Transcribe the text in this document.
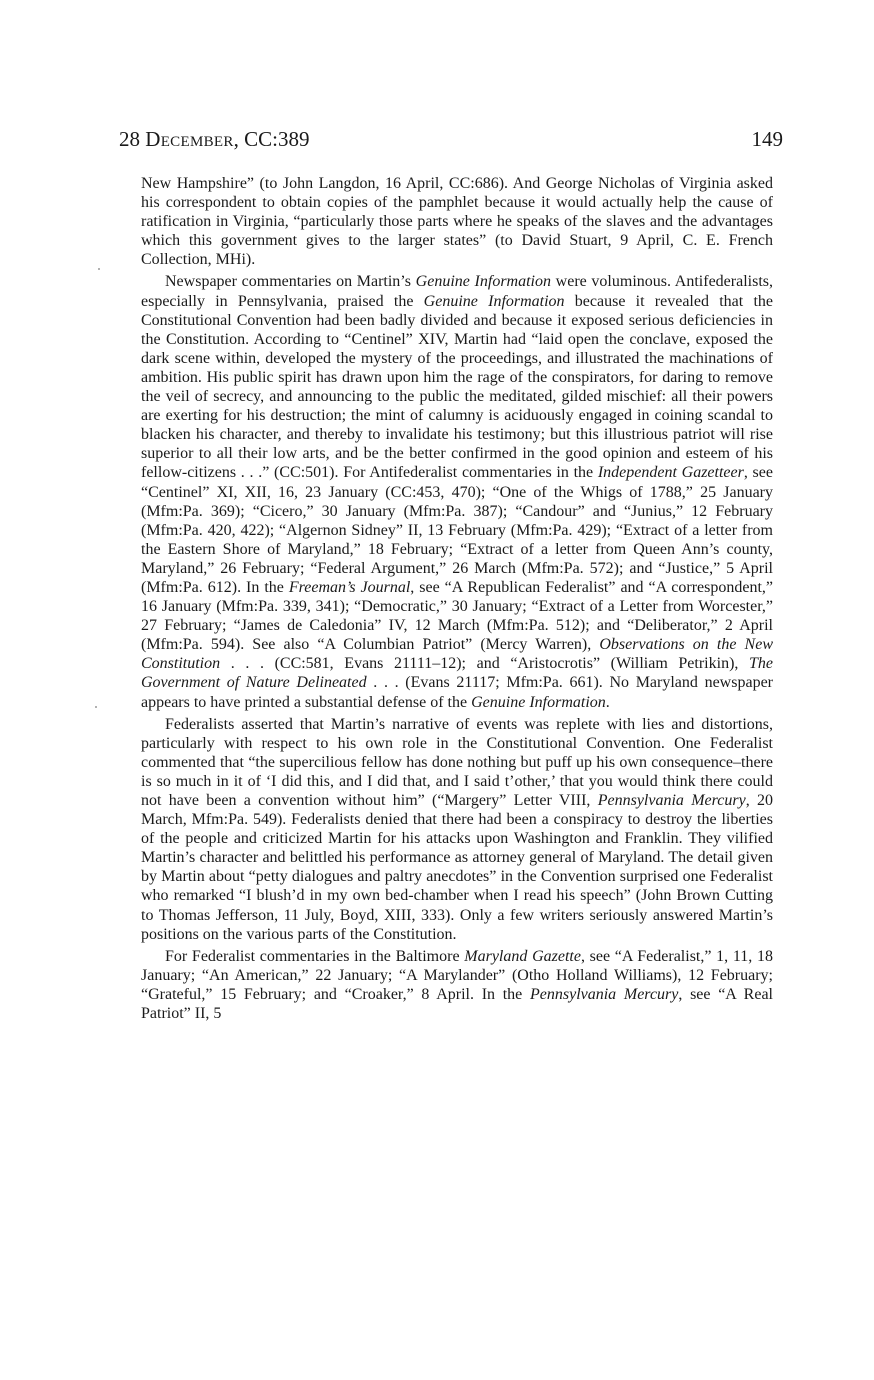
28 December, CC:389	149

New Hampshire” (to John Langdon, 16 April, CC:686). And George Nicholas of Virginia asked his correspondent to obtain copies of the pamphlet because it would actually help the cause of ratification in Virginia, “particularly those parts where he speaks of the slaves and the advantages which this government gives to the larger states” (to David Stuart, 9 April, C. E. French Collection, MHi).

Newspaper commentaries on Martin’s Genuine Information were voluminous. Antifederalists, especially in Pennsylvania, praised the Genuine Information because it revealed that the Constitutional Convention had been badly divided and because it exposed serious deficiencies in the Constitution. According to “Centinel” XIV, Martin had “laid open the conclave, exposed the dark scene within, developed the mystery of the proceedings, and illustrated the machinations of ambition. His public spirit has drawn upon him the rage of the conspirators, for daring to remove the veil of secrecy, and announcing to the public the meditated, gilded mischief: all their powers are exerting for his destruction; the mint of calumny is aciduously engaged in coining scandal to blacken his character, and thereby to invalidate his testimony; but this illustrious patriot will rise superior to all their low arts, and be the better confirmed in the good opinion and esteem of his fellow-citizens . . .” (CC:501). For Antifederalist commentaries in the Independent Gazetteer, see “Centinel” XI, XII, 16, 23 January (CC:453, 470); “One of the Whigs of 1788,” 25 January (Mfm:Pa. 369); “Cicero,” 30 January (Mfm:Pa. 387); “Candour” and “Junius,” 12 February (Mfm:Pa. 420, 422); “Algernon Sidney” II, 13 February (Mfm:Pa. 429); “Extract of a letter from the Eastern Shore of Maryland,” 18 February; “Extract of a letter from Queen Ann’s county, Maryland,” 26 February; “Federal Argument,” 26 March (Mfm:Pa. 572); and “Justice,” 5 April (Mfm:Pa. 612). In the Freeman’s Journal, see “A Republican Federalist” and “A correspondent,” 16 January (Mfm:Pa. 339, 341); “Democratic,” 30 January; “Extract of a Letter from Worcester,” 27 February; “James de Caledonia” IV, 12 March (Mfm:Pa. 512); and “Deliberator,” 2 April (Mfm:Pa. 594). See also “A Columbian Patriot” (Mercy Warren), Observations on the New Constitution . . . (CC:581, Evans 21111–12); and “Aristocrotis” (William Petrikin), The Government of Nature Delineated . . . (Evans 21117; Mfm:Pa. 661). No Maryland newspaper appears to have printed a substantial defense of the Genuine Information.

Federalists asserted that Martin’s narrative of events was replete with lies and distortions, particularly with respect to his own role in the Constitutional Convention. One Federalist commented that “the supercilious fellow has done nothing but puff up his own consequence–there is so much in it of ‘I did this, and I did that, and I said t’other,’ that you would think there could not have been a convention without him” (“Margery” Letter VIII, Pennsylvania Mercury, 20 March, Mfm:Pa. 549). Federalists denied that there had been a conspiracy to destroy the liberties of the people and criticized Martin for his attacks upon Washington and Franklin. They vilified Martin’s character and belittled his performance as attorney general of Maryland. The detail given by Martin about “petty dialogues and paltry anecdotes” in the Convention surprised one Federalist who remarked “I blush’d in my own bed-chamber when I read his speech” (John Brown Cutting to Thomas Jefferson, 11 July, Boyd, XIII, 333). Only a few writers seriously answered Martin’s positions on the various parts of the Constitution.

For Federalist commentaries in the Baltimore Maryland Gazette, see “A Federalist,” 1, 11, 18 January; “An American,” 22 January; “A Marylander” (Otho Holland Williams), 12 February; “Grateful,” 15 February; and “Croaker,” 8 April. In the Pennsylvania Mercury, see “A Real Patriot” II, 5
